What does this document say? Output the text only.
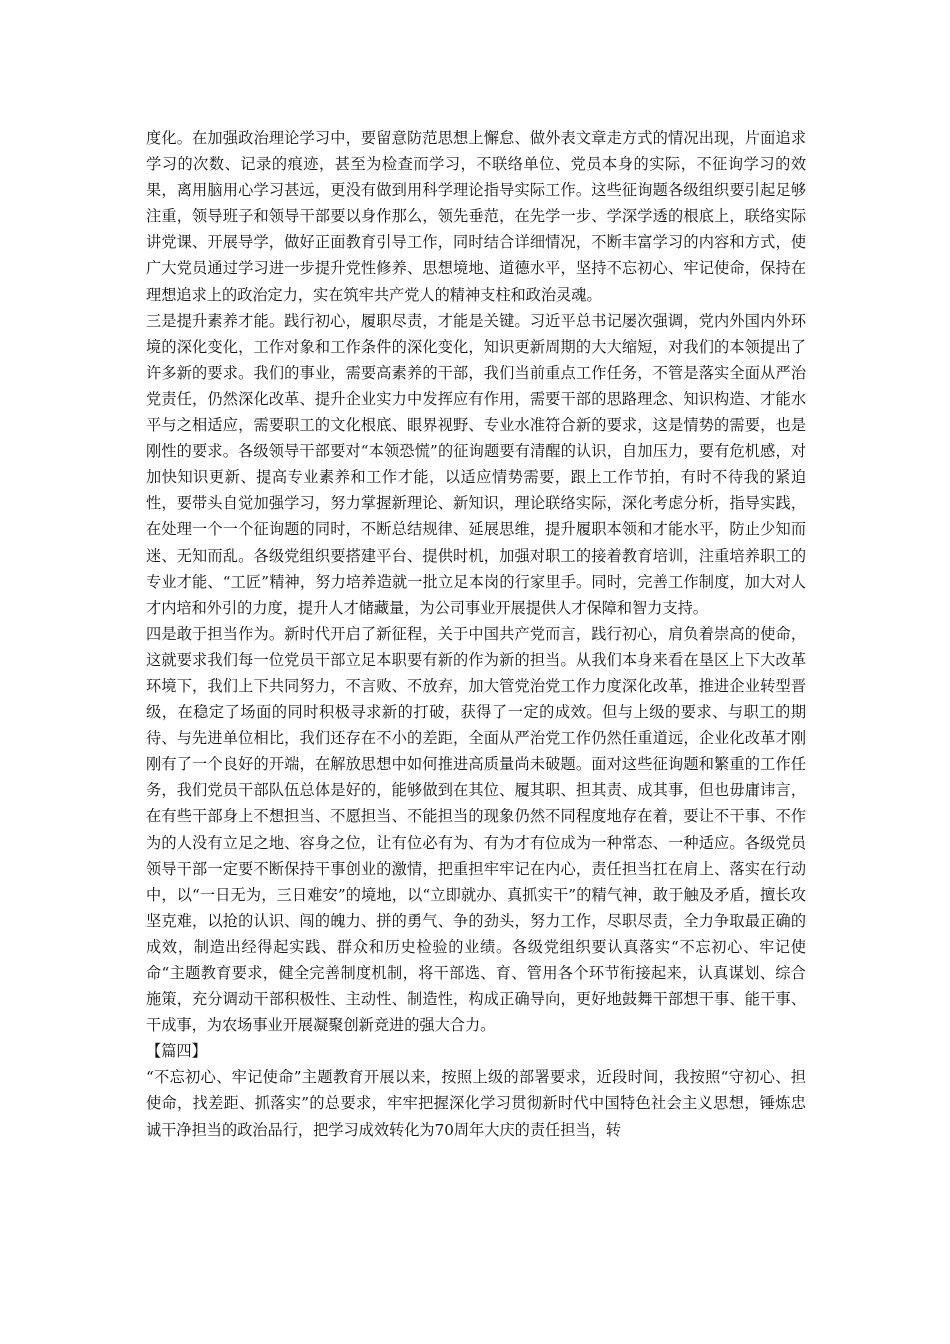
度化。在加强政治理论学习中，要留意防范思想上懈怠、做外表文章走方式的情况出现，片面追求学习的次数、记录的痕迹，甚至为检查而学习，不联络单位、党员本身的实际，不征询学习的效果，离用脑用心学习甚远，更没有做到用科学理论指导实际工作。这些征询题各级组织要引起足够注重，领导班子和领导干部要以身作那么，领先垂范，在先学一步、学深学透的根底上，联络实际讲党课、开展导学，做好正面教育引导工作，同时结合详细情况，不断丰富学习的内容和方式，使广大党员通过学习进一步提升党性修养、思想境地、道德水平，坚持不忘初心、牢记使命，保持在理想追求上的政治定力，实在筑牢共产党人的精神支柱和政治灵魂。

三是提升素养才能。践行初心，履职尽责，才能是关键。习近平总书记屡次强调，党内外国内外环境的深化变化，工作对象和工作条件的深化变化，知识更新周期的大大缩短，对我们的本领提出了许多新的要求。我们的事业，需要高素养的干部，我们当前重点工作任务，不管是落实全面从严治党责任，仍然深化改革、提升企业实力中发挥应有作用，需要干部的思路理念、知识构造、才能水平与之相适应，需要职工的文化根底、眼界视野、专业水准符合新的要求，这是情势的需要，也是刚性的要求。各级领导干部要对“本领恐慌”的征询题要有清醒的认识，自加压力，要有危机感，对加快知识更新、提高专业素养和工作才能，以适应情势需要，跟上工作节拍，有时不待我的紧迫性，要带头自觉加强学习，努力掌握新理论、新知识，理论联络实际，深化考虑分析，指导实践，在处理一个一个征询题的同时，不断总结规律、延展思维，提升履职本领和才能水平，防止少知而迷、无知而乱。各级党组织要搭建平台、提供时机，加强对职工的接着教育培训，注重培养职工的专业才能、“工匠”精神，努力培养造就一批立足本岗的行家里手。同时，完善工作制度，加大对人才内培和外引的力度，提升人才储藏量，为公司事业开展提供人才保障和智力支持。

四是敢于担当作为。新时代开启了新征程，关于中国共产党而言，践行初心，肩负着崇高的使命，这就要求我们每一位党员干部立足本职要有新的作为新的担当。从我们本身来看在垦区上下大改革环境下，我们上下共同努力，不言败、不放弃，加大管党治党工作力度深化改革，推进企业转型晋级，在稳定了场面的同时积极寻求新的打破，获得了一定的成效。但与上级的要求、与职工的期待、与先进单位相比，我们还存在不小的差距，全面从严治党工作仍然任重道远，企业化改革才刚刚有了一个良好的开端，在解放思想中如何推进高质量尚未破题。面对这些征询题和繁重的工作任务，我们党员干部队伍总体是好的，能够做到在其位、履其职、担其责、成其事，但也毋庸讳言，在有些干部身上不想担当、不愿担当、不能担当的现象仍然不同程度地存在着，要让不干事、不作为的人没有立足之地、容身之位，让有位必有为、有为才有位成为一种常态、一种适应。各级党员领导干部一定要不断保持干事创业的激情，把重担牢牢记在内心，责任担当扛在肩上、落实在行动中，以“一日无为，三日难安”的境地，以“立即就办、真抓实干”的精气神，敢于触及矛盾，擅长攻坚克难，以抢的认识、闯的魄力、拼的勇气、争的劲头，努力工作，尽职尽责，全力争取最正确的成效，制造出经得起实践、群众和历史检验的业绩。各级党组织要认真落实“不忘初心、牢记使命“主题教育要求，健全完善制度机制，将干部选、育、管用各个环节衔接起来，认真谋划、综合施策，充分调动干部积极性、主动性、制造性，构成正确导向，更好地鼓舞干部想干事、能干事、干成事，为农场事业开展凝聚创新竞进的强大合力。

【篇四】

“不忘初心、牢记使命”主题教育开展以来，按照上级的部署要求，近段时间，我按照“守初心、担使命，找差距、抓落实”的总要求，牢牢把握深化学习贯彻新时代中国特色社会主义思想，锤炼忠诚干净担当的政治品行，把学习成效转化为70周年大庆的责任担当，转
